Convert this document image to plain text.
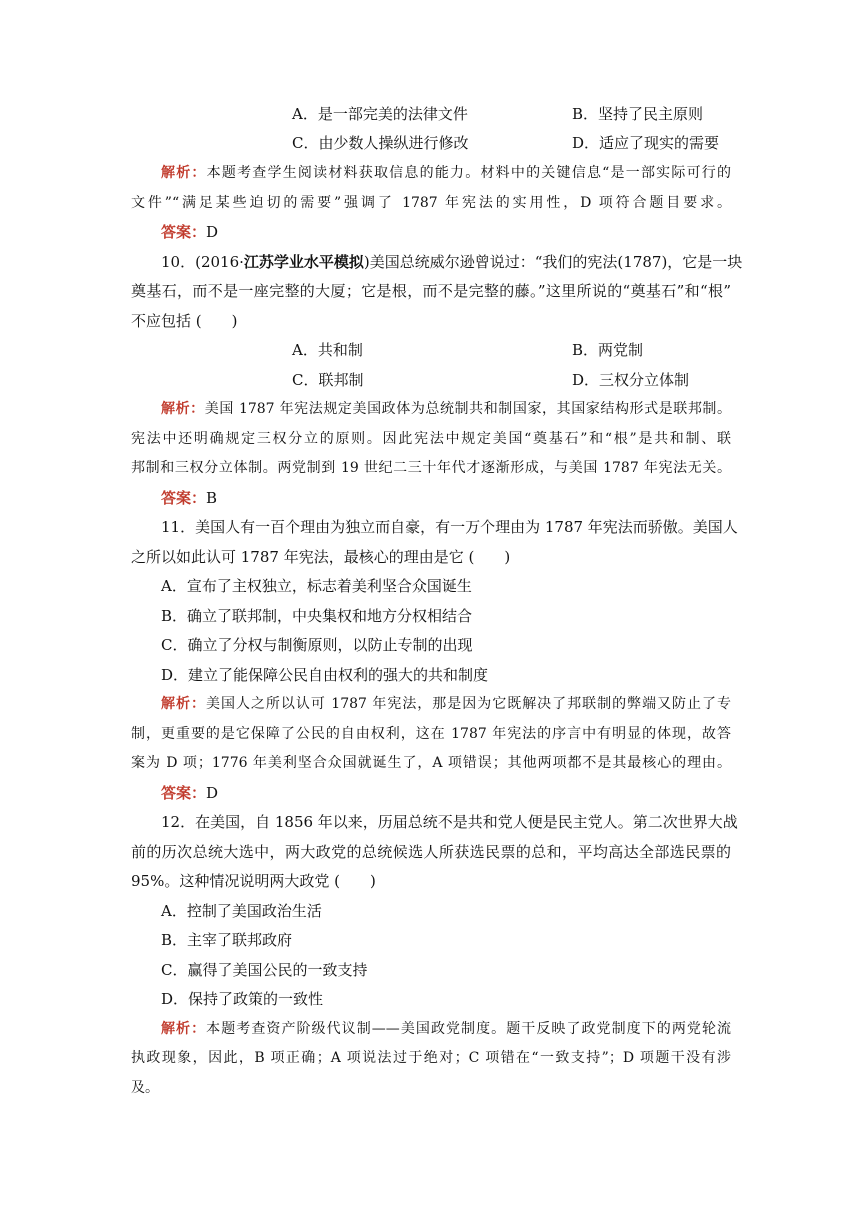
A．是一部完美的法律文件	B．坚持了民主原则
C．由少数人操纵进行修改	D．适应了现实的需要
解析：本题考查学生阅读材料获取信息的能力。材料中的关键信息“是一部实际可行的
文件”“满足某些迫切的需要”强调了 1787 年宪法的实用性，D 项符合题目要求。
答案：D
10．(2016·江苏学业水平模拟)美国总统威尔逊曾说过：“我们的宪法(1787)，它是一块
奠基石，而不是一座完整的大厦；它是根，而不是完整的藤。”这里所说的“奠基石”和“根”
不应包括 (　　)
A．共和制	B．两党制
C．联邦制	D．三权分立体制
解析：美国 1787 年宪法规定美国政体为总统制共和制国家，其国家结构形式是联邦制。
宪法中还明确规定三权分立的原则。因此宪法中规定美国“奠基石”和“根”是共和制、联
邦制和三权分立体制。两党制到 19 世纪二三十年代才逐渐形成，与美国 1787 年宪法无关。
答案：B
11．美国人有一百个理由为独立而自豪，有一万个理由为 1787 年宪法而骄傲。美国人
之所以如此认可 1787 年宪法，最核心的理由是它 (　　)
A．宣布了主权独立，标志着美利坚合众国诞生
B．确立了联邦制，中央集权和地方分权相结合
C．确立了分权与制衡原则，以防止专制的出现
D．建立了能保障公民自由权利的强大的共和制度
解析：美国人之所以认可 1787 年宪法，那是因为它既解决了邦联制的弊端又防止了专
制，更重要的是它保障了公民的自由权利，这在 1787 年宪法的序言中有明显的体现，故答
案为 D 项；1776 年美利坚合众国就诞生了，A 项错误；其他两项都不是其最核心的理由。
答案：D
12．在美国，自 1856 年以来，历届总统不是共和党人便是民主党人。第二次世界大战
前的历次总统大选中，两大政党的总统候选人所获选民票的总和，平均高达全部选民票的
95%。这种情况说明两大政党 (　　)
A．控制了美国政治生活
B．主宰了联邦政府
C．赢得了美国公民的一致支持
D．保持了政策的一致性
解析：本题考查资产阶级代议制——美国政党制度。题干反映了政党制度下的两党轮流
执政现象，因此，B 项正确；A 项说法过于绝对；C 项错在“一致支持”；D 项题干没有涉
及。
